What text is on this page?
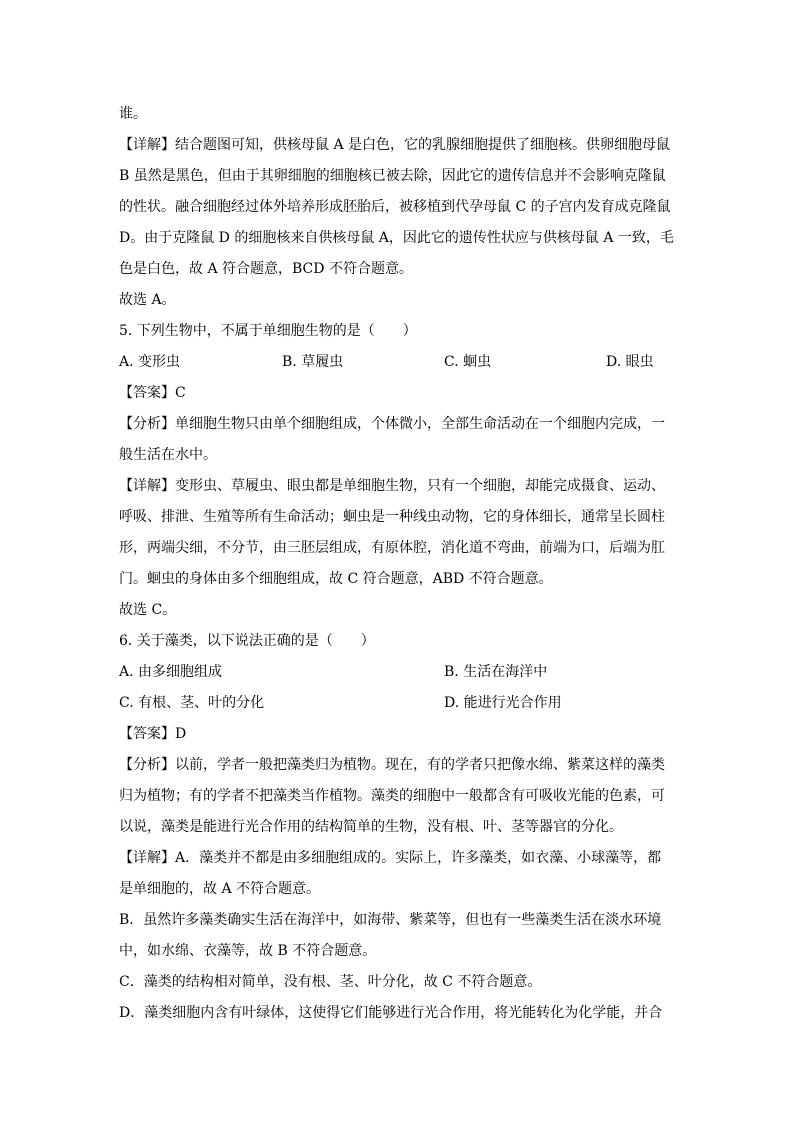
谁。
【详解】结合题图可知，供核母鼠 A 是白色，它的乳腺细胞提供了细胞核。供卵细胞母鼠
B 虽然是黑色，但由于其卵细胞的细胞核已被去除，因此它的遗传信息并不会影响克隆鼠
的性状。融合细胞经过体外培养形成胚胎后，被移植到代孕母鼠 C 的子宫内发育成克隆鼠
D。由于克隆鼠 D 的细胞核来自供核母鼠 A，因此它的遗传性状应与供核母鼠 A 一致，毛
色是白色，故 A 符合题意，BCD 不符合题意。
故选 A。
5. 下列生物中，不属于单细胞生物的是（　　）
A. 变形虫	B. 草履虫	C. 蛔虫	D. 眼虫
【答案】C
【分析】单细胞生物只由单个细胞组成，个体微小，全部生命活动在一个细胞内完成，一
般生活在水中。
【详解】变形虫、草履虫、眼虫都是单细胞生物，只有一个细胞，却能完成摄食、运动、
呼吸、排泄、生殖等所有生命活动；蛔虫是一种线虫动物，它的身体细长，通常呈长圆柱
形，两端尖细，不分节，由三胚层组成，有原体腔，消化道不弯曲，前端为口，后端为肛
门。蛔虫的身体由多个细胞组成，故 C 符合题意，ABD 不符合题意。
故选 C。
6. 关于藻类，以下说法正确的是（　　）
A. 由多细胞组成	B. 生活在海洋中
C. 有根、茎、叶的分化	D. 能进行光合作用
【答案】D
【分析】以前，学者一般把藻类归为植物。现在，有的学者只把像水绵、紫菜这样的藻类
归为植物；有的学者不把藻类当作植物。藻类的细胞中一般都含有可吸收光能的色素，可
以说，藻类是能进行光合作用的结构简单的生物，没有根、叶、茎等器官的分化。
【详解】A．藻类并不都是由多细胞组成的。实际上，许多藻类，如衣藻、小球藻等，都
是单细胞的，故 A 不符合题意。
B．虽然许多藻类确实生活在海洋中，如海带、紫菜等，但也有一些藻类生活在淡水环境
中，如水绵、衣藻等，故 B 不符合题意。
C．藻类的结构相对简单，没有根、茎、叶分化，故 C 不符合题意。
D．藻类细胞内含有叶绿体，这使得它们能够进行光合作用，将光能转化为化学能，并合
